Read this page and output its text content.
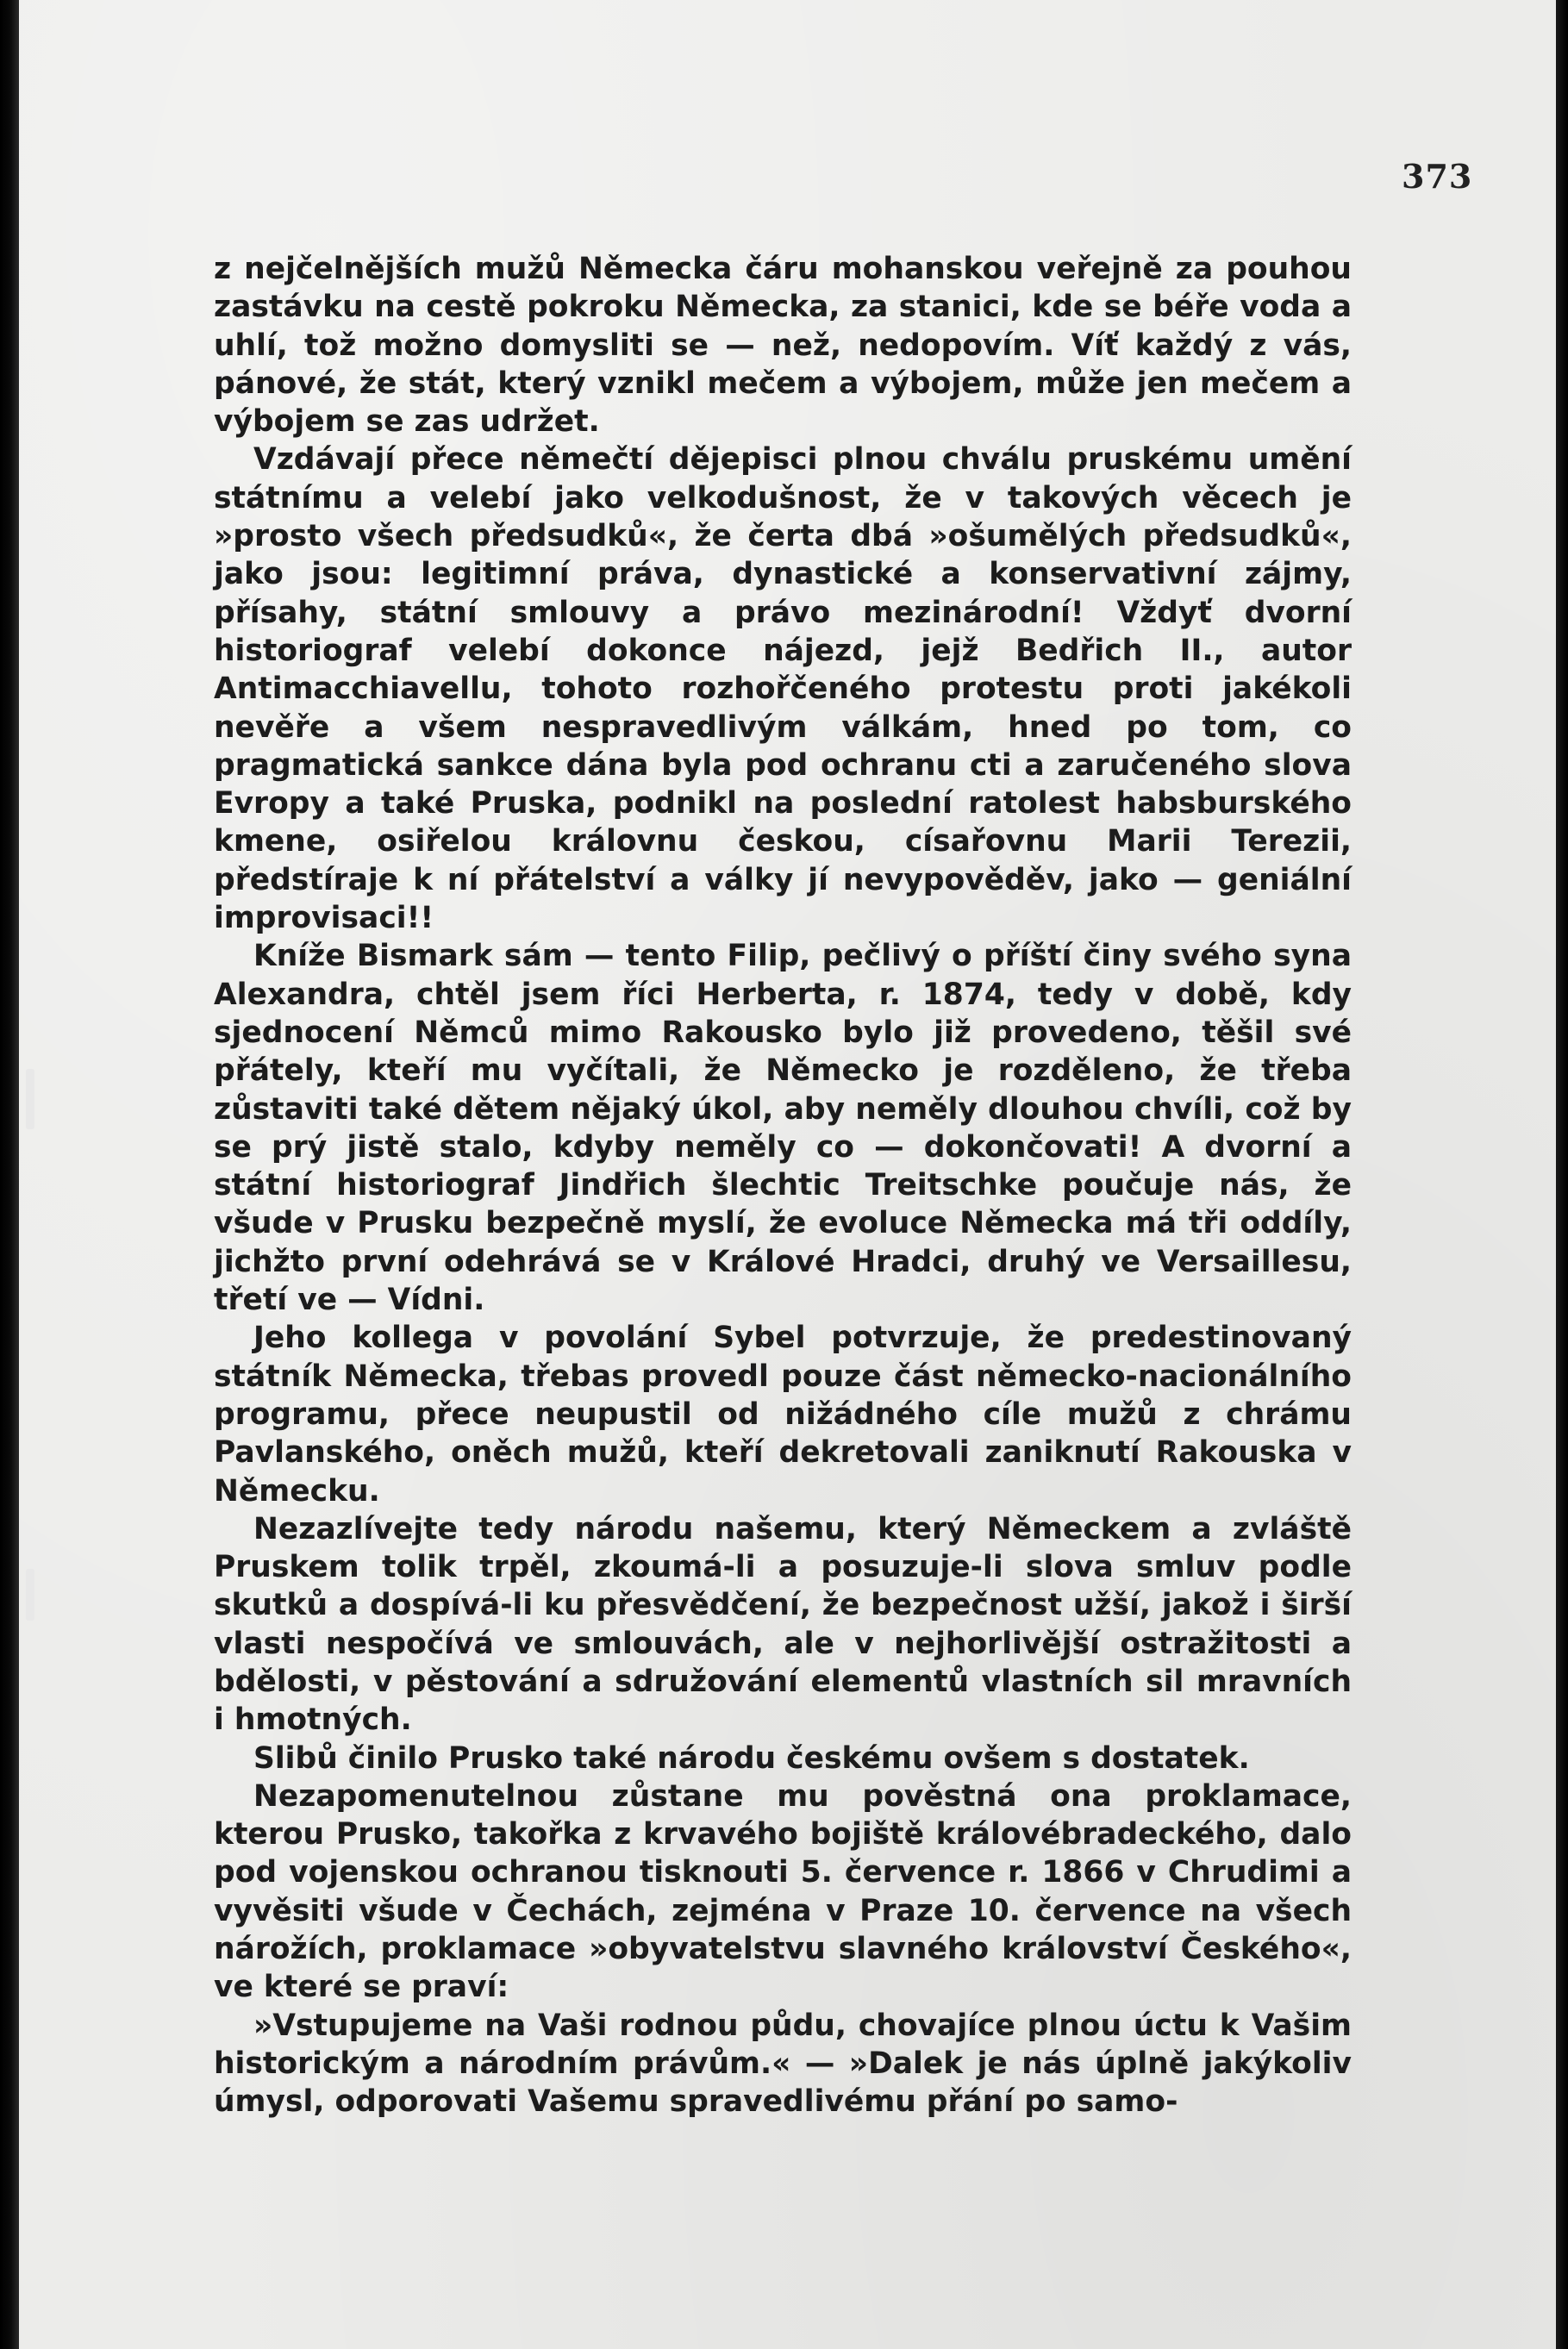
373

z nejčelnějších mužů Německa čáru mohanskou veřejně za pouhou zastávku na cestě pokroku Německa, za stanici, kde se béře voda a uhlí, tož možno domysliti se — než, nedopovím. Víť každý z vás, pánové, že stát, který vznikl mečem a výbojem, může jen mečem a výbojem se zas udržet.

Vzdávají přece němečtí dějepisci plnou chválu pruskému umění státnímu a velebí jako velkodušnost, že v takových věcech je »prosto všech předsudků«, že čerta dbá »ošumělých předsudků«, jako jsou: legitimní práva, dynastické a konservativní zájmy, přísahy, státní smlouvy a právo mezinárodní! Vždyť dvorní historiograf velebí dokonce nájezd, jejž Bedřich II., autor Antimacchiavellu, tohoto rozhořčeného protestu proti jakékoli nevěře a všem nespravedlivým válkám, hned po tom, co pragmatická sankce dána byla pod ochranu cti a zaručeného slova Evropy a také Pruska, podnikl na poslední ratolest habsburského kmene, osiřelou královnu českou, císařovnu Marii Terezii, předstíraje k ní přátelství a války jí nevypověděv, jako — geniální improvisaci!!

Kníže Bismark sám — tento Filip, pečlivý o příští činy svého syna Alexandra, chtěl jsem říci Herberta, r. 1874, tedy v době, kdy sjednocení Němců mimo Rakousko bylo již provedeno, těšil své přátely, kteří mu vyčítali, že Německo je rozděleno, že třeba zůstaviti také dětem nějaký úkol, aby neměly dlouhou chvíli, což by se prý jistě stalo, kdyby neměly co — dokončovati! A dvorní a státní historiograf Jindřich šlechtic Treitschke poučuje nás, že všude v Prusku bezpečně myslí, že evoluce Německa má tři oddíly, jichžto první odehrává se v Králové Hradci, druhý ve Versaillesu, třetí ve — Vídni.

Jeho kollega v povolání Sybel potvrzuje, že predestinovaný státník Německa, třebas provedl pouze část německo-nacionálního programu, přece neupustil od nižádného cíle mužů z chrámu Pavlanského, oněch mužů, kteří dekretovali zaniknutí Rakouska v Německu.

Nezazlívejte tedy národu našemu, který Německem a zvláště Pruskem tolik trpěl, zkoumá-li a posuzuje-li slova smluv podle skutků a dospívá-li ku přesvědčení, že bezpečnost užší, jakož i širší vlasti nespočívá ve smlouvách, ale v nejhorlivější ostražitosti a bdělosti, v pěstování a sdružování elementů vlastních sil mravních i hmotných.

Slibů činilo Prusko také národu českému ovšem s dostatek.

Nezapomenutelnou zůstane mu pověstná ona proklamace, kterou Prusko, takořka z krvavého bojiště královébradeckého, dalo pod vojenskou ochranou tisknouti 5. července r. 1866 v Chrudimi a vyvěsiti všude v Čechách, zejména v Praze 10. července na všech nárožích, proklamace »obyvatelstvu slavného království Českého«, ve které se praví:

»Vstupujeme na Vaši rodnou půdu, chovajíce plnou úctu k Vašim historickým a národním právům.« — »Dalek je nás úplně jakýkoliv úmysl, odporovati Vašemu spravedlivému přání po samo-
